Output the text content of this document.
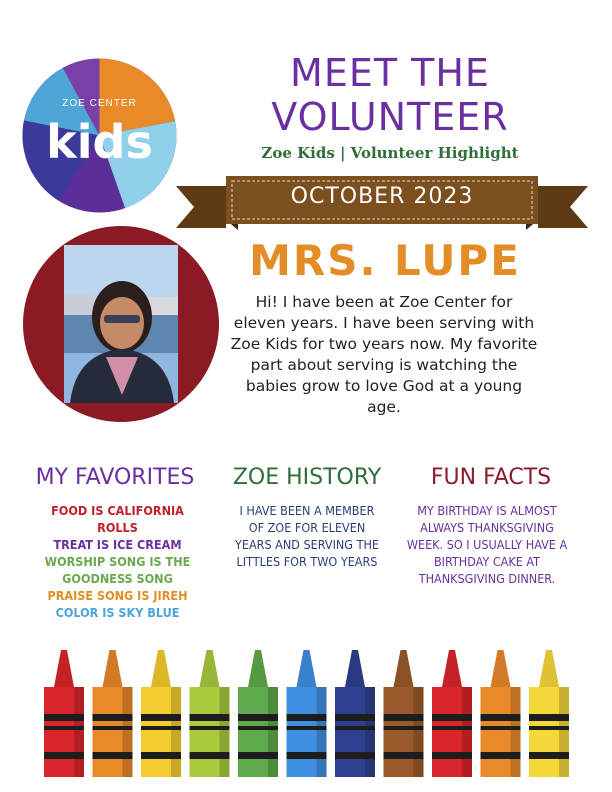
ZOE CENTER
kids
MEET THE
VOLUNTEER
Zoe Kids | Volunteer Highlight
OCTOBER 2023
MRS. LUPE
Hi! I have been at Zoe Center for eleven years. I have been serving with Zoe Kids for two years now. My favorite part about serving is watching the babies grow to love God at a young age.
MY FAVORITES	ZOE HISTORY	FUN FACTS
FOOD IS CALIFORNIA ROLLS
TREAT IS ICE CREAM
WORSHIP SONG IS THE GOODNESS SONG
PRAISE SONG IS JIREH
COLOR IS SKY BLUE
I HAVE BEEN A MEMBER OF ZOE FOR ELEVEN YEARS AND SERVING THE LITTLES FOR TWO YEARS
MY BIRTHDAY IS ALMOST ALWAYS THANKSGIVING WEEK. SO I USUALLY HAVE A BIRTHDAY CAKE AT THANKSGIVING DINNER.
